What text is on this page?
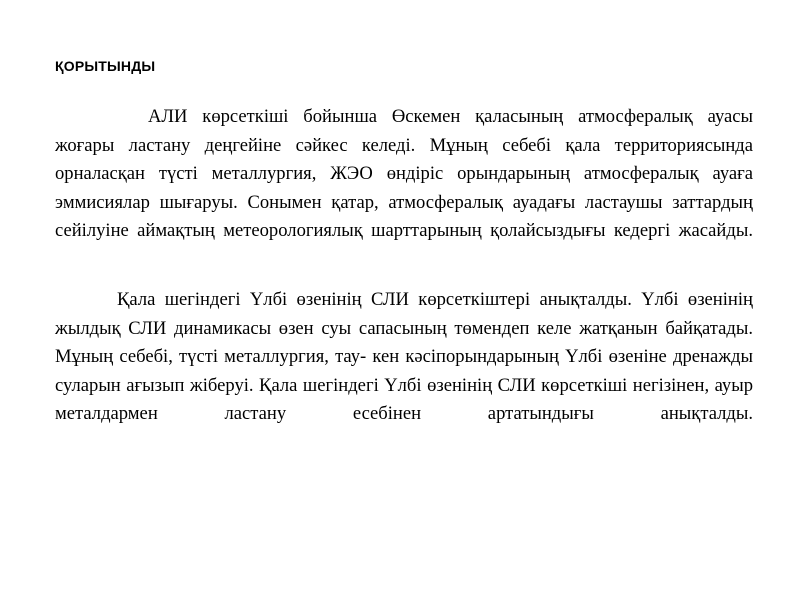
ҚОРЫТЫНДЫ

АЛИ көрсеткіші бойынша Өскемен қаласының атмосфералық ауасы жоғары ластану деңгейіне сәйкес келеді. Мұның себебі қала территориясында орналасқан түсті металлургия, ЖЭО өндіріс орындарының атмосфералық ауаға эммисиялар шығаруы. Сонымен қатар, атмосфералық ауадағы ластаушы заттардың сейілуіне аймақтың метеорологиялық шарттарының қолайсыздығы кедергі жасайды.

Қала шегіндегі Үлбі өзенінің СЛИ көрсеткіштері анықталды. Үлбі өзенінің жылдық СЛИ динамикасы өзен суы сапасының төмендеп келе жатқанын байқатады. Мұның себебі, түсті металлургия, тау- кен кәсіпорындарының Үлбі өзеніне дренажды суларын ағызып жіберуі. Қала шегіндегі Үлбі өзенінің СЛИ көрсеткіші негізінен, ауыр металдармен ластану есебінен артатындығы анықталды.
